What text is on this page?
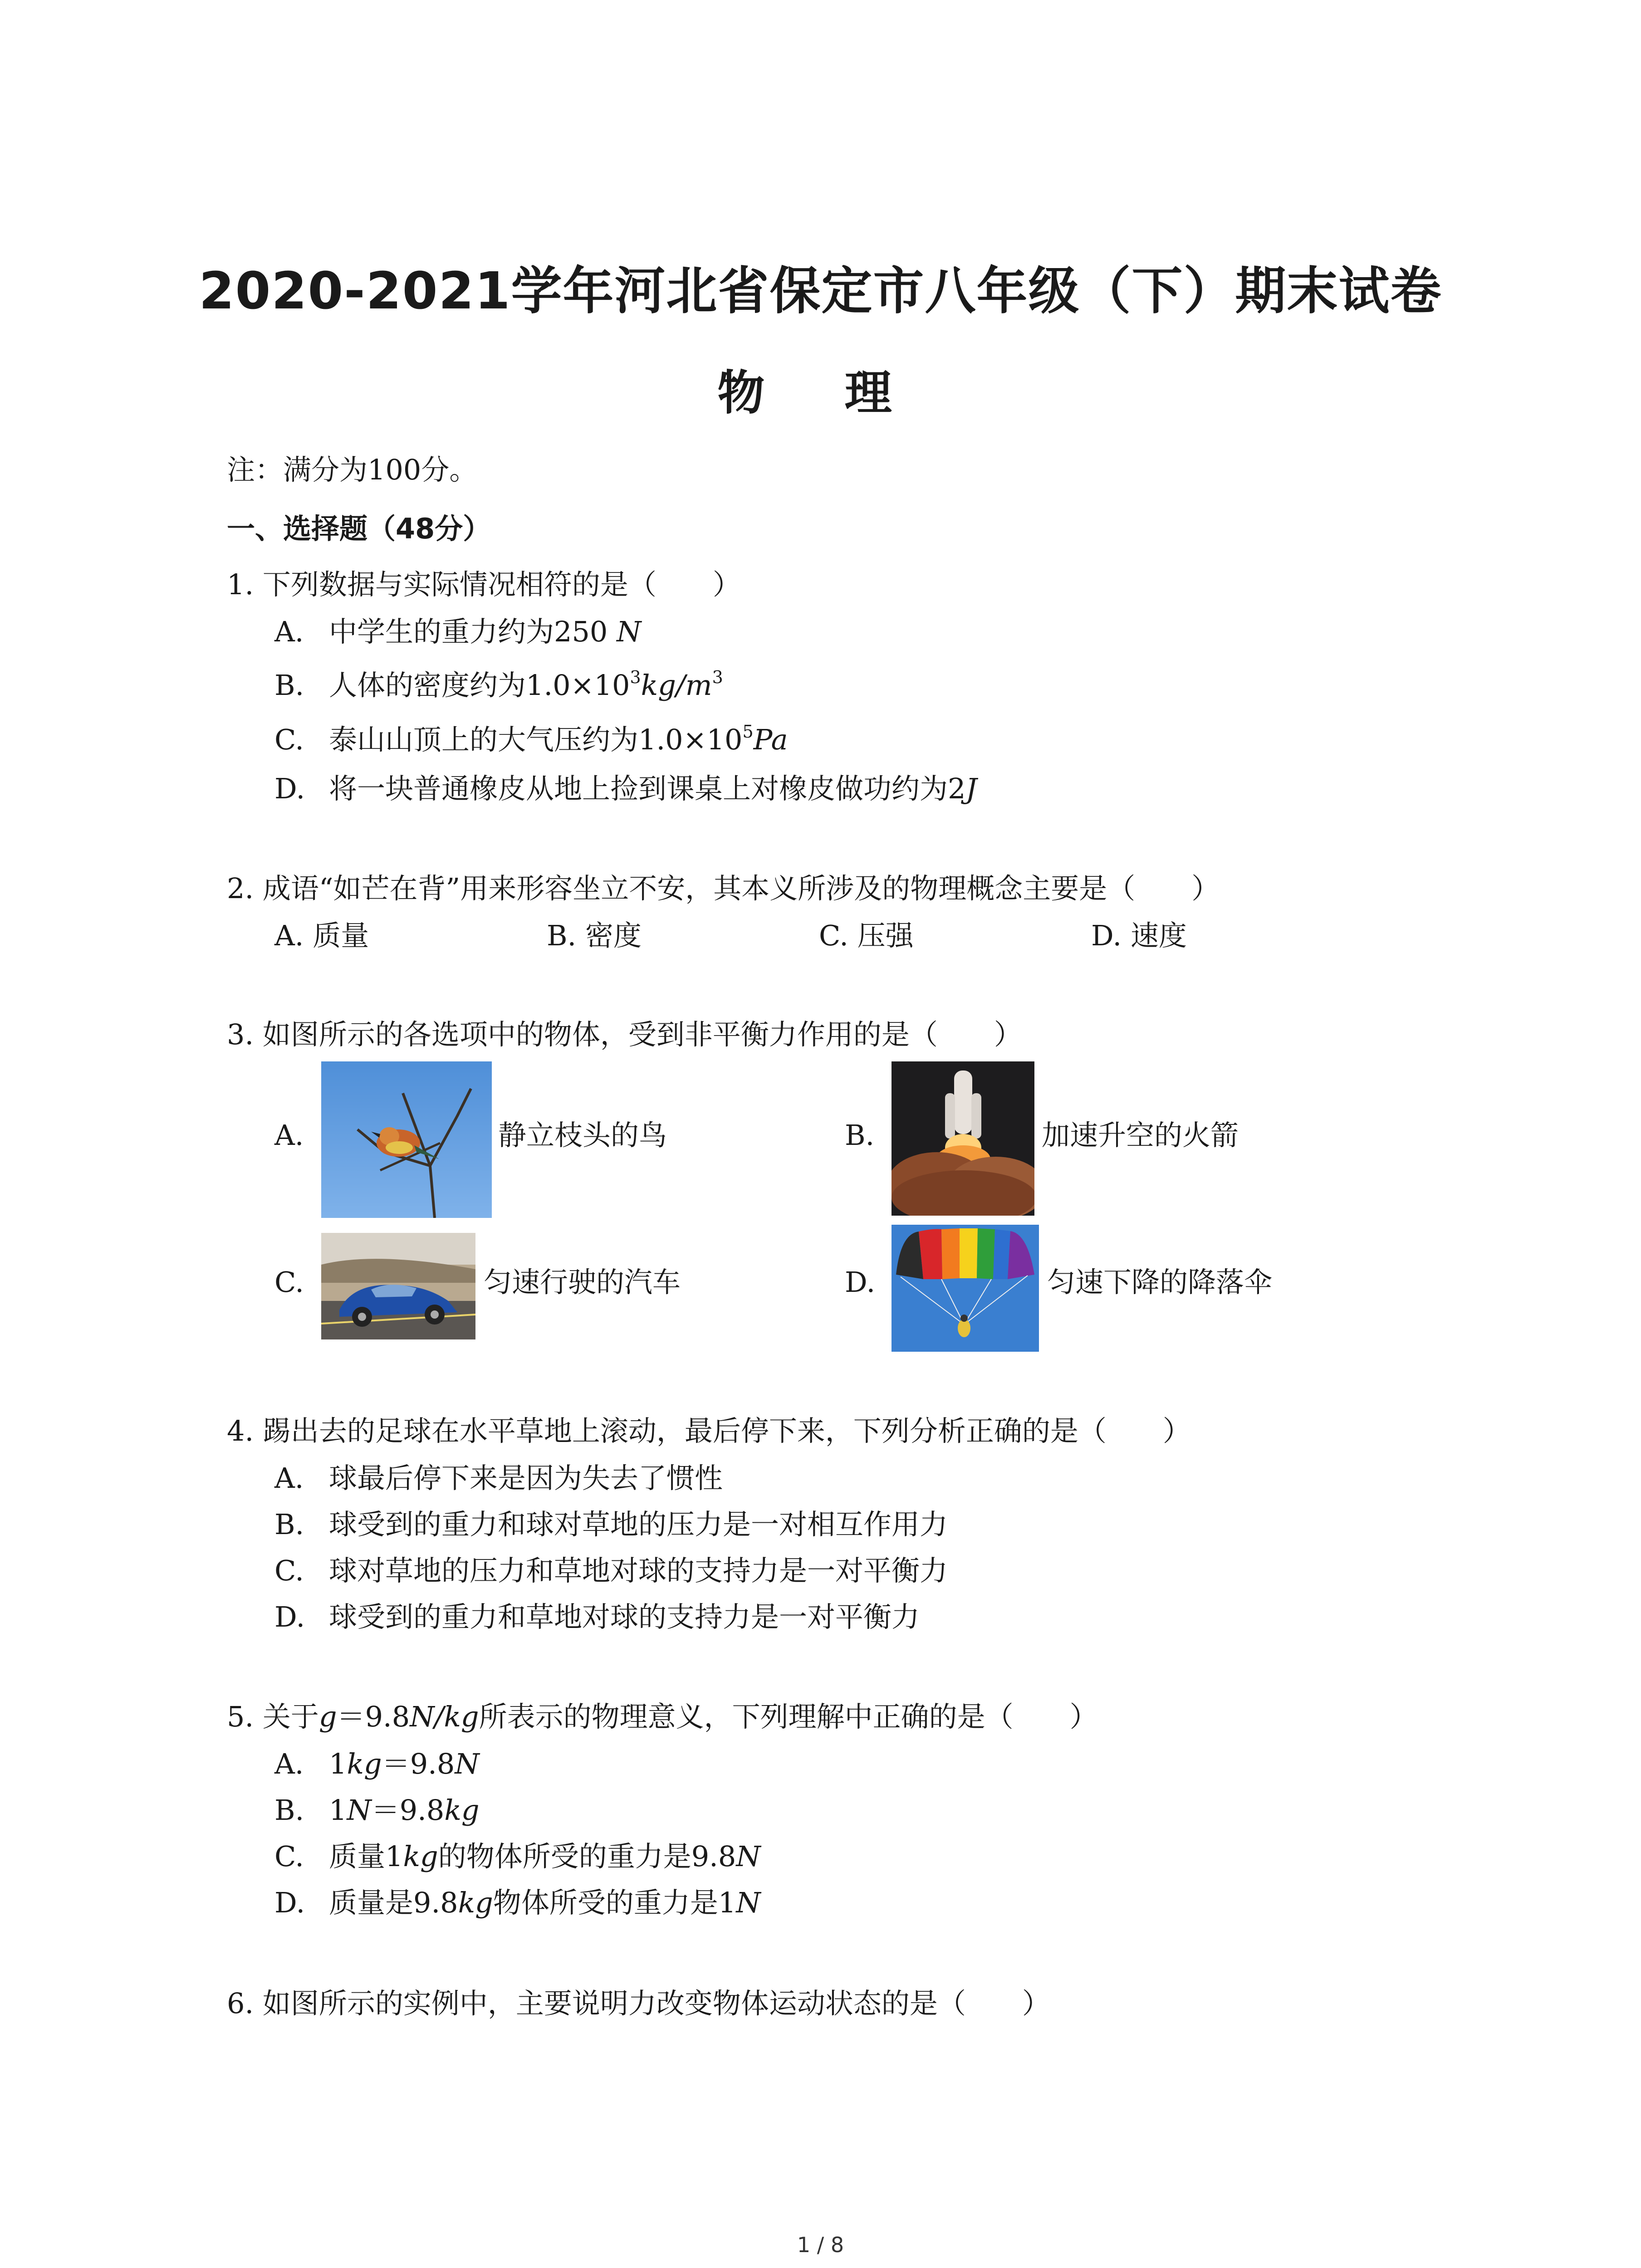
2020-2021学年河北省保定市八年级（下）期末试卷
物 理
注：满分为100分。
一、选择题（48分）
1. 下列数据与实际情况相符的是（　　）
A. 中学生的重力约为250 N
B. 人体的密度约为$1.0\times 10^3kg/m^3$
C. 泰山山顶上的大气压约为$1.0\times 10^5Pa$
D. 将一块普通橡皮从地上捡到课桌上对橡皮做功约为2J
2. 成语“如芒在背”用来形容坐立不安，其本义所涉及的物理概念主要是（　　）
A. 质量	B. 密度	C. 压强	D. 速度
3. 如图所示的各选项中的物体，受到非平衡力作用的是（　　）
A.	静立枝头的鸟	B.	加速升空的火箭
C.	匀速行驶的汽车	D.	匀速下降的降落伞
4. 踢出去的足球在水平草地上滚动，最后停下来，下列分析正确的是（　　）
A. 球最后停下来是因为失去了惯性
B. 球受到的重力和球对草地的压力是一对相互作用力
C. 球对草地的压力和草地对球的支持力是一对平衡力
D. 球受到的重力和草地对球的支持力是一对平衡力
5. 关于g＝9.8N/kg所表示的物理意义，下列理解中正确的是（　　）
A. 1kg＝9.8N
B. 1N＝9.8kg
C. 质量1kg的物体所受的重力是9.8N
D. 质量是9.8kg物体所受的重力是1N
6. 如图所示的实例中，主要说明力改变物体运动状态的是（　　）
1 / 8
